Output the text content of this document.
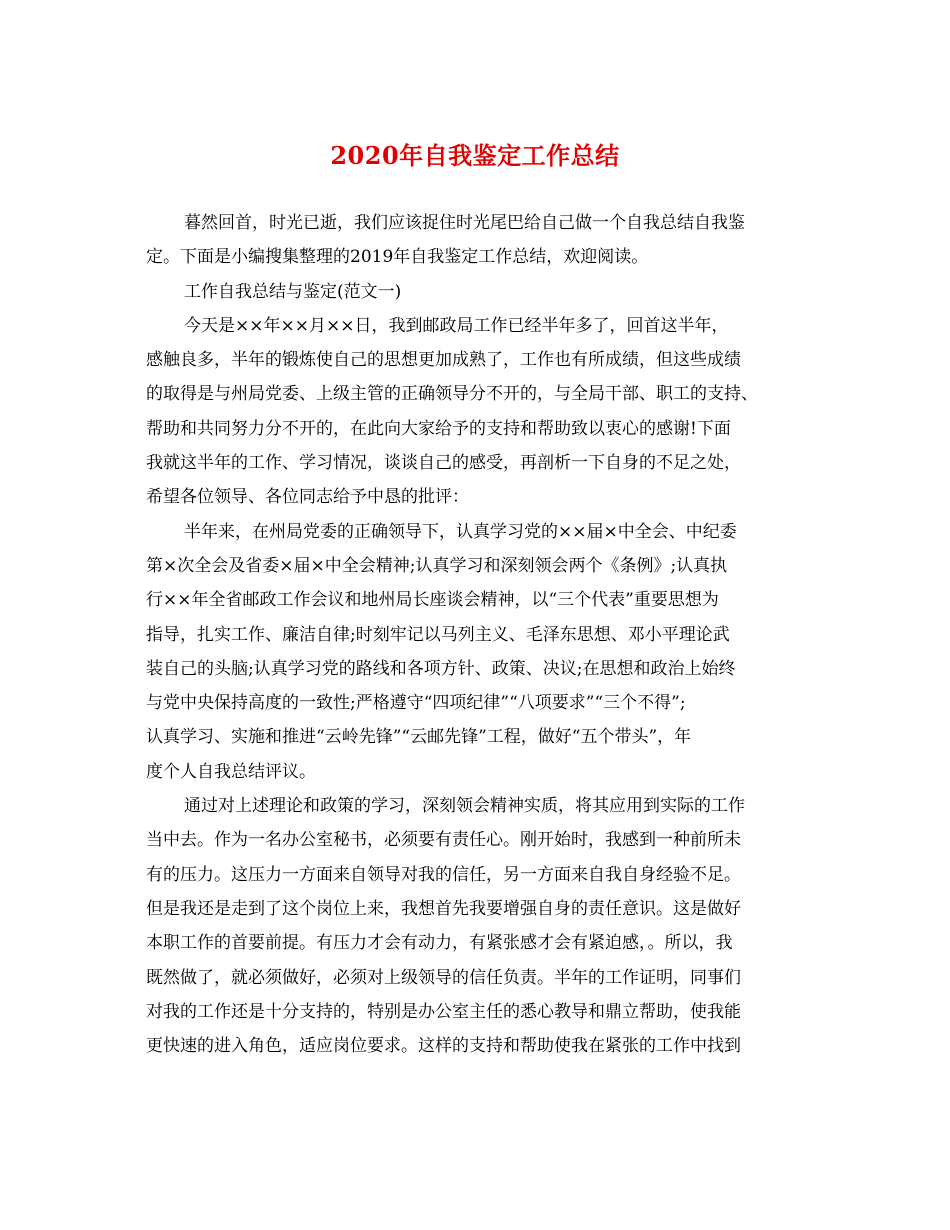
2020年自我鉴定工作总结
暮然回首，时光已逝，我们应该捉住时光尾巴给自己做一个自我总结自我鉴
定。下面是小编搜集整理的2019年自我鉴定工作总结，欢迎阅读。
工作自我总结与鉴定(范文一)
今天是××年××月××日，我到邮政局工作已经半年多了，回首这半年，
感触良多，半年的锻炼使自己的思想更加成熟了，工作也有所成绩，但这些成绩
的取得是与州局党委、上级主管的正确领导分不开的，与全局干部、职工的支持、
帮助和共同努力分不开的，在此向大家给予的支持和帮助致以衷心的感谢!下面
我就这半年的工作、学习情况，谈谈自己的感受，再剖析一下自身的不足之处，
希望各位领导、各位同志给予中恳的批评：
半年来，在州局党委的正确领导下，认真学习党的××届×中全会、中纪委
第×次全会及省委×届×中全会精神;认真学习和深刻领会两个《条例》;认真执
行××年全省邮政工作会议和地州局长座谈会精神，以“三个代表”重要思想为
指导，扎实工作、廉洁自律;时刻牢记以马列主义、毛泽东思想、邓小平理论武
装自己的头脑;认真学习党的路线和各项方针、政策、决议;在思想和政治上始终
与党中央保持高度的一致性;严格遵守“四项纪律”“八项要求”“三个不得”;
认真学习、实施和推进“云岭先锋”“云邮先锋”工程，做好“五个带头”，年
度个人自我总结评议。
通过对上述理论和政策的学习，深刻领会精神实质，将其应用到实际的工作
当中去。作为一名办公室秘书，必须要有责任心。刚开始时，我感到一种前所未
有的压力。这压力一方面来自领导对我的信任，另一方面来自我自身经验不足。
但是我还是走到了这个岗位上来，我想首先我要增强自身的责任意识。这是做好
本职工作的首要前提。有压力才会有动力，有紧张感才会有紧迫感，。所以，我
既然做了，就必须做好，必须对上级领导的信任负责。半年的工作证明，同事们
对我的工作还是十分支持的，特别是办公室主任的悉心教导和鼎立帮助，使我能
更快速的进入角色，适应岗位要求。这样的支持和帮助使我在紧张的工作中找到
